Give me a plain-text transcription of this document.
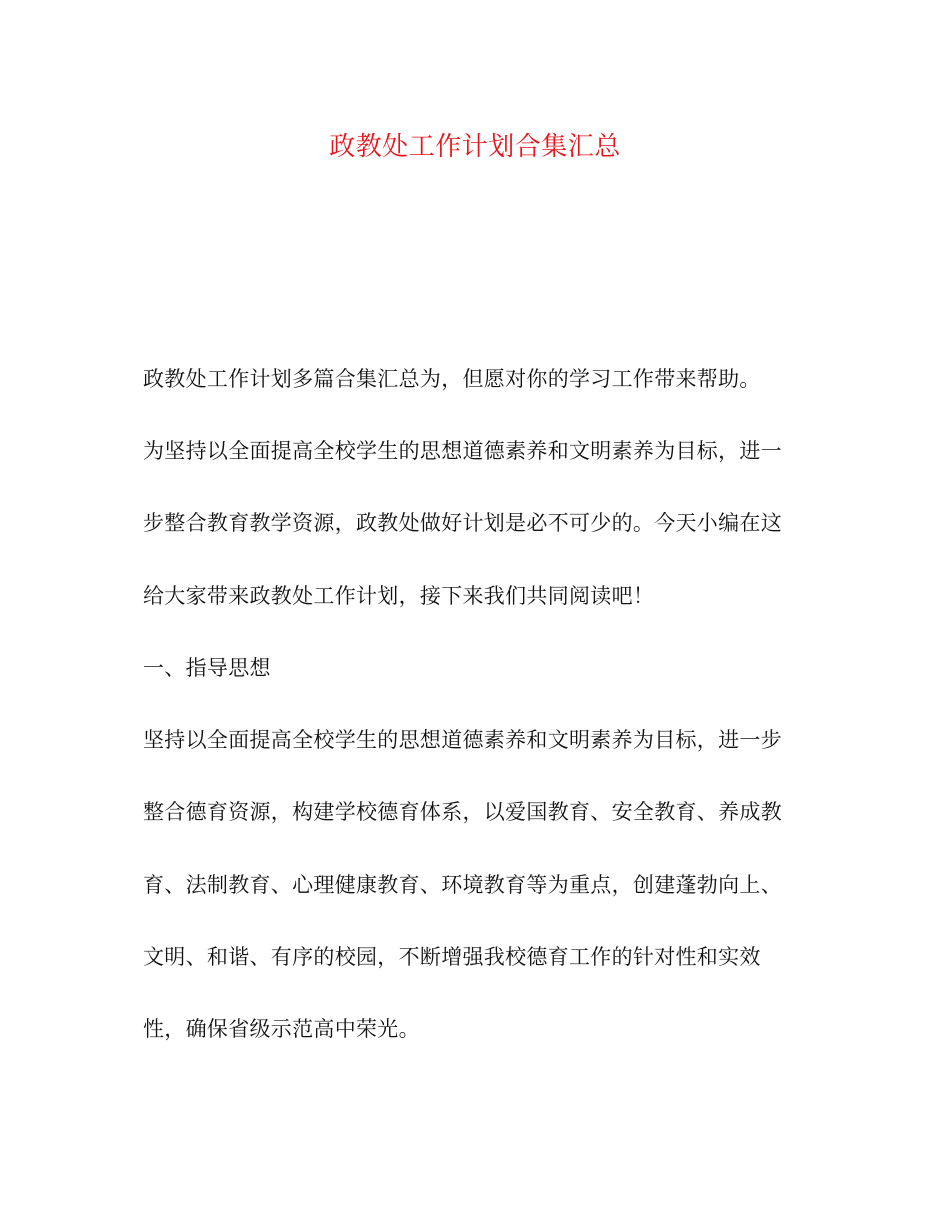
政教处工作计划合集汇总
政教处工作计划多篇合集汇总为，但愿对你的学习工作带来帮助。
为坚持以全面提高全校学生的思想道德素养和文明素养为目标，进一
步整合教育教学资源，政教处做好计划是必不可少的。今天小编在这
给大家带来政教处工作计划，接下来我们共同阅读吧！
一、指导思想
坚持以全面提高全校学生的思想道德素养和文明素养为目标，进一步
整合德育资源，构建学校德育体系，以爱国教育、安全教育、养成教
育、法制教育、心理健康教育、环境教育等为重点，创建蓬勃向上、
文明、和谐、有序的校园，不断增强我校德育工作的针对性和实效
性，确保省级示范高中荣光。
